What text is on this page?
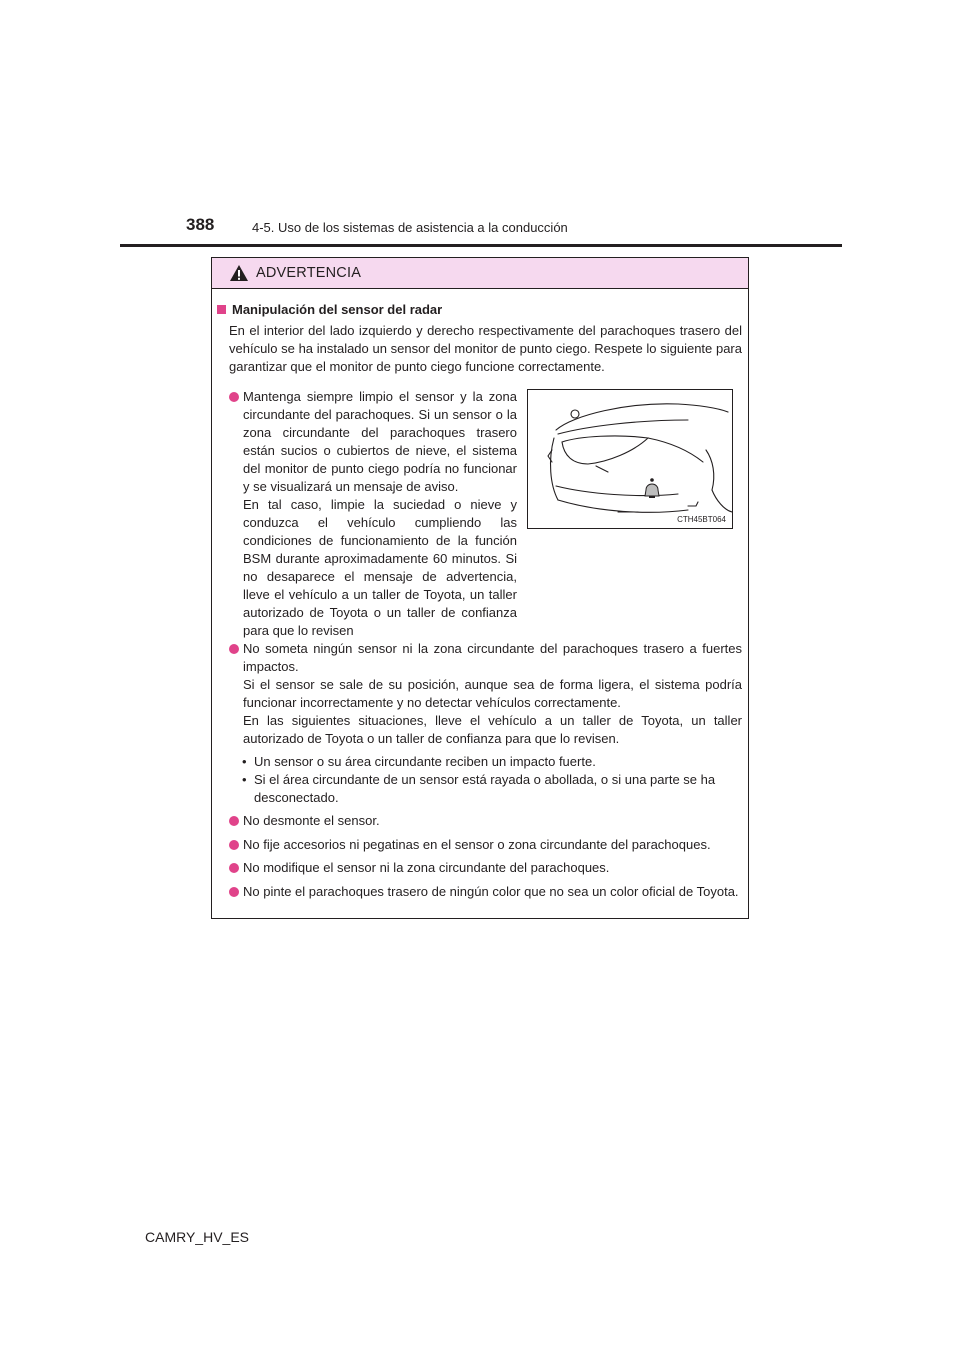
388	4-5. Uso de los sistemas de asistencia a la conducción
ADVERTENCIA
Manipulación del sensor del radar
En el interior del lado izquierdo y derecho respectivamente del parachoques trasero del vehículo se ha instalado un sensor del monitor de punto ciego. Respete lo siguiente para garantizar que el monitor de punto ciego funcione correctamente.
Mantenga siempre limpio el sensor y la zona circundante del parachoques. Si un sensor o la zona circundante del parachoques trasero están sucios o cubiertos de nieve, el sistema del monitor de punto ciego podría no funcionar y se visualizará un mensaje de aviso.
En tal caso, limpie la suciedad o nieve y conduzca el vehículo cumpliendo las condiciones de funcionamiento de la función BSM durante aproximadamente 60 minutos. Si no desaparece el mensaje de advertencia, lleve el vehículo a un taller de Toyota, un taller autorizado de Toyota o un taller de confianza para que lo revisen
CTH45BT064
No someta ningún sensor ni la zona circundante del parachoques trasero a fuertes impactos.
Si el sensor se sale de su posición, aunque sea de forma ligera, el sistema podría funcionar incorrectamente y no detectar vehículos correctamente.
En las siguientes situaciones, lleve el vehículo a un taller de Toyota, un taller autorizado de Toyota o un taller de confianza para que lo revisen.
• Un sensor o su área circundante reciben un impacto fuerte.
• Si el área circundante de un sensor está rayada o abollada, o si una parte se ha desconectado.
No desmonte el sensor.
No fije accesorios ni pegatinas en el sensor o zona circundante del parachoques.
No modifique el sensor ni la zona circundante del parachoques.
No pinte el parachoques trasero de ningún color que no sea un color oficial de Toyota.
CAMRY_HV_ES
